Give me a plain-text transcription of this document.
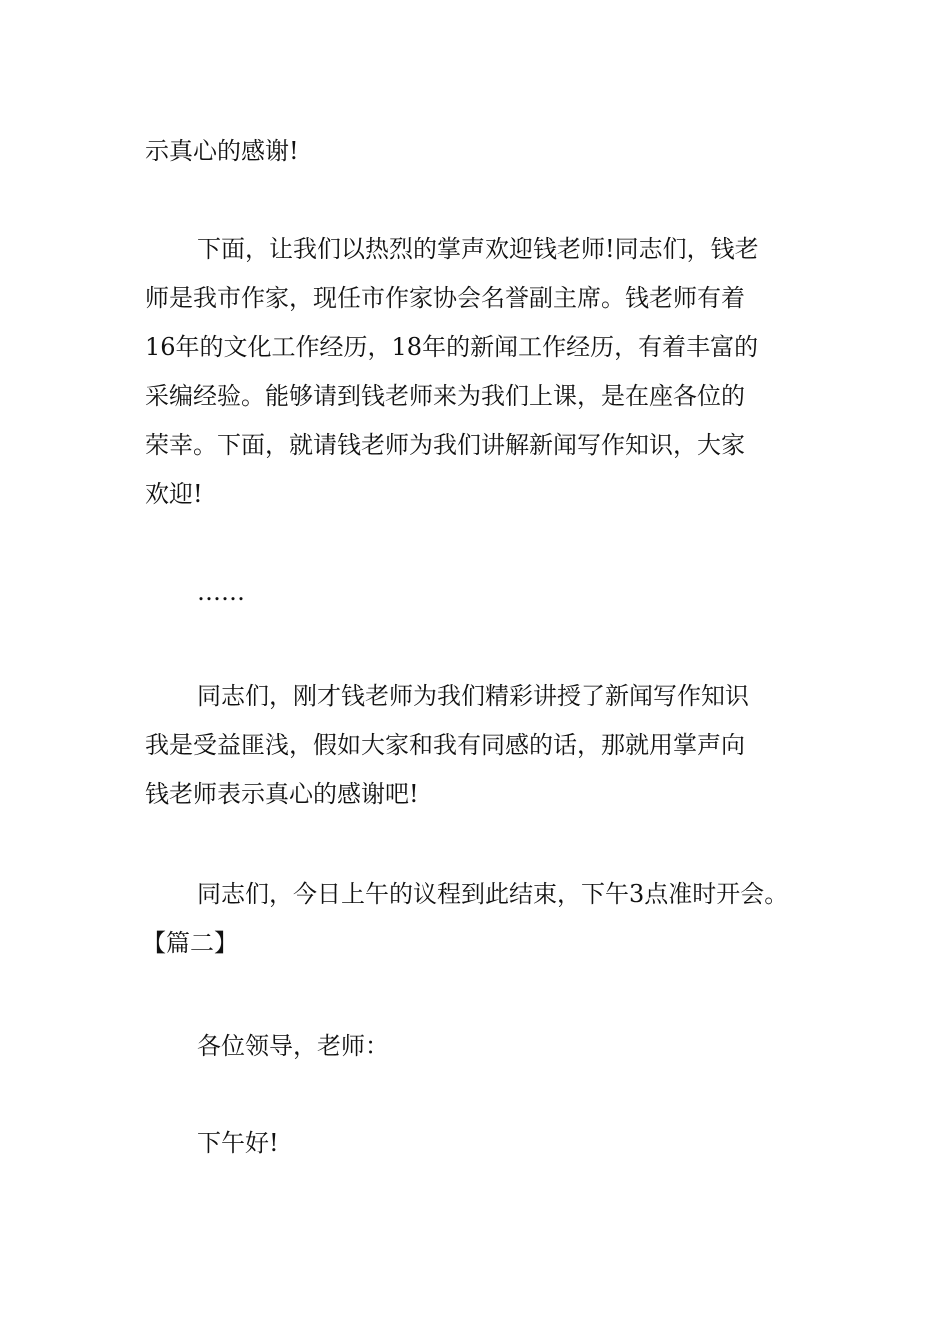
示真心的感谢!
下面，让我们以热烈的掌声欢迎钱老师!同志们，钱老
师是我市作家，现任市作家协会名誉副主席。钱老师有着
16年的文化工作经历，18年的新闻工作经历，有着丰富的
采编经验。能够请到钱老师来为我们上课，是在座各位的
荣幸。下面，就请钱老师为我们讲解新闻写作知识，大家
欢迎!
……
同志们，刚才钱老师为我们精彩讲授了新闻写作知识
我是受益匪浅，假如大家和我有同感的话，那就用掌声向
钱老师表示真心的感谢吧!
同志们，今日上午的议程到此结束，下午3点准时开会。
【篇二】
各位领导，老师：
下午好!
